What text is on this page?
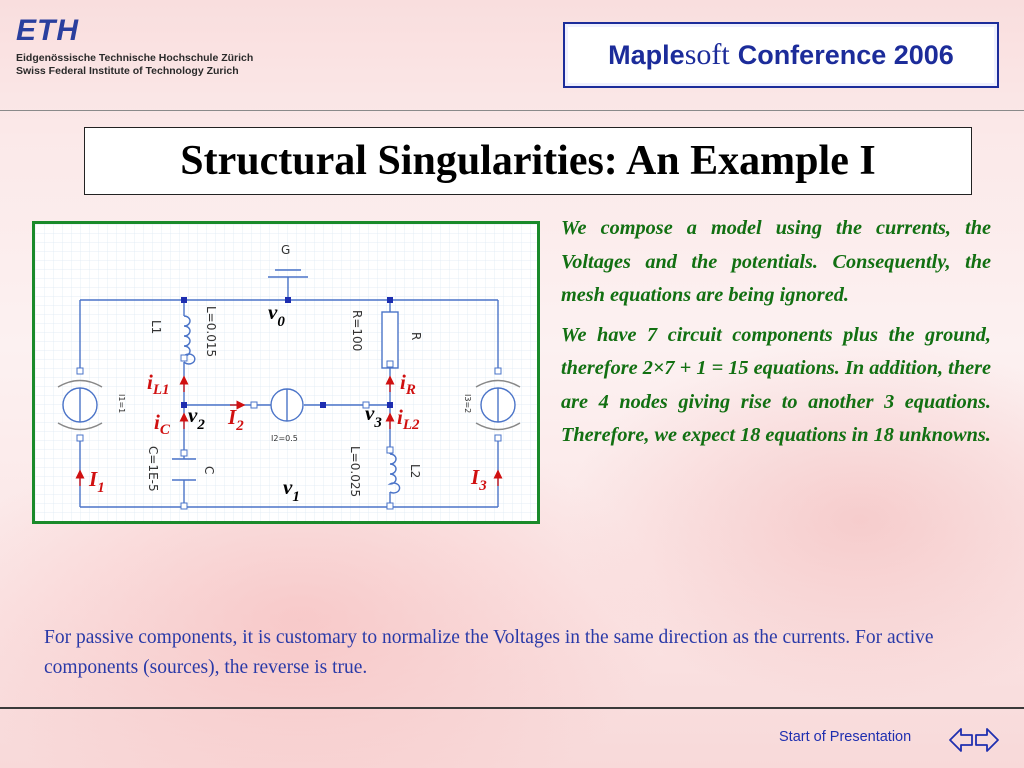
ETH
Eidgenössische Technische Hochschule Zürich
Swiss Federal Institute of Technology Zurich
Maple soft Conference 2006
Structural Singularities: An Example I
G
L1	L=0.015	R=100	R
C=1E-5	C	L=0.025	L2
I1=1
I2=0.5
I3=2
$v_0$
$v_2$	$v_3$
$v_1$
$i_{L1}$
$i_C$
$i_R$
$i_{L2}$
$I_2$
$I_1$	$I_3$

We compose a model using the currents, the Voltages and the potentials. Consequently, the mesh equations are being ignored.

We have 7 circuit components plus the ground, therefore 2×7 + 1 = 15 equations. In addition, there are 4 nodes giving rise to another 3 equations. Therefore, we expect 18 equations in 18 unknowns.

For passive components, it is customary to normalize the Voltages in the same direction as the currents. For active components (sources), the reverse is true.
Start of Presentation
